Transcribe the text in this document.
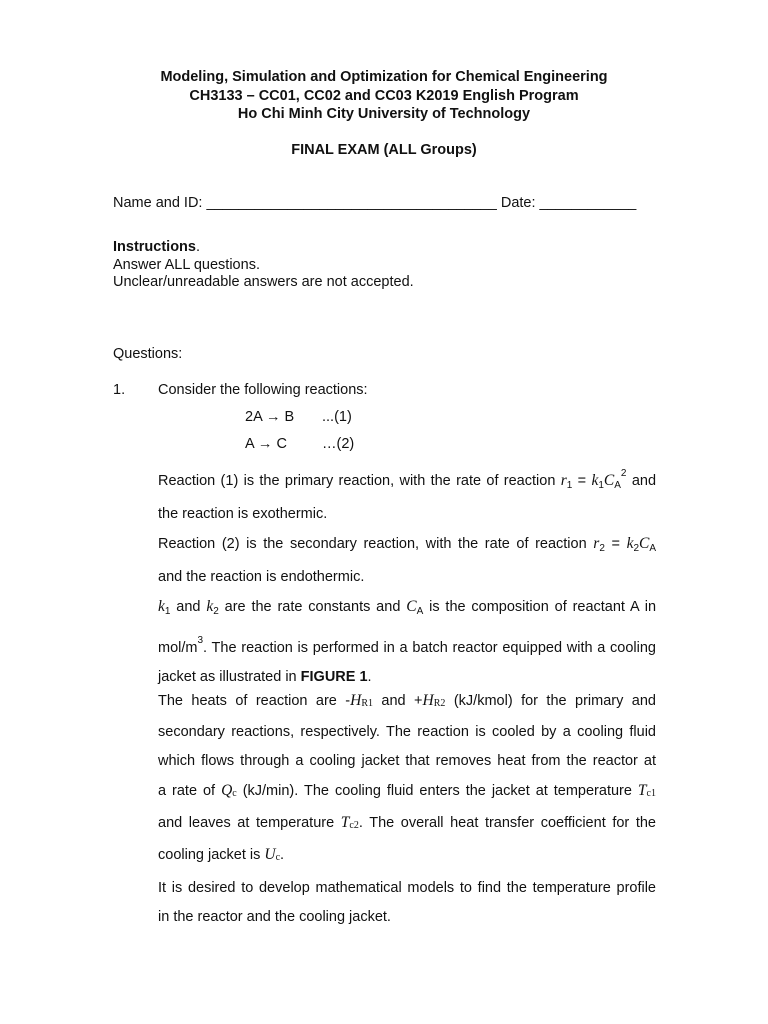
Modeling, Simulation and Optimization for Chemical Engineering
CH3133 – CC01, CC02 and CC03 K2019 English Program
Ho Chi Minh City University of Technology
FINAL EXAM (ALL Groups)
Name and ID: ____________________________________ Date: ____________
Instructions.
Answer ALL questions.
Unclear/unreadable answers are not accepted.
Questions:
1. Consider the following reactions:
2A → B ...(1)
A → C …(2)

Reaction (1) is the primary reaction, with the rate of reaction $r_1 = k_1C_A^2$ and

the reaction is exothermic.

Reaction (2) is the secondary reaction, with the rate of reaction $r_2 = k_2C_A$

and the reaction is endothermic.

$k_1$ and $k_2$ are the rate constants and $C_A$ is the composition of reactant A in

mol/$m^3$. The reaction is performed in a batch reactor equipped with a cooling

jacket as illustrated in FIGURE 1.

The heats of reaction are -HR1 and +HR2 (kJ/kmol) for the primary and

secondary reactions, respectively. The reaction is cooled by a cooling fluid

which flows through a cooling jacket that removes heat from the reactor at

a rate of Qc (kJ/min). The cooling fluid enters the jacket at temperature Tc1

and leaves at temperature Tc2. The overall heat transfer coefficient for the

cooling jacket is Uc.

It is desired to develop mathematical models to find the temperature profile

in the reactor and the cooling jacket.
